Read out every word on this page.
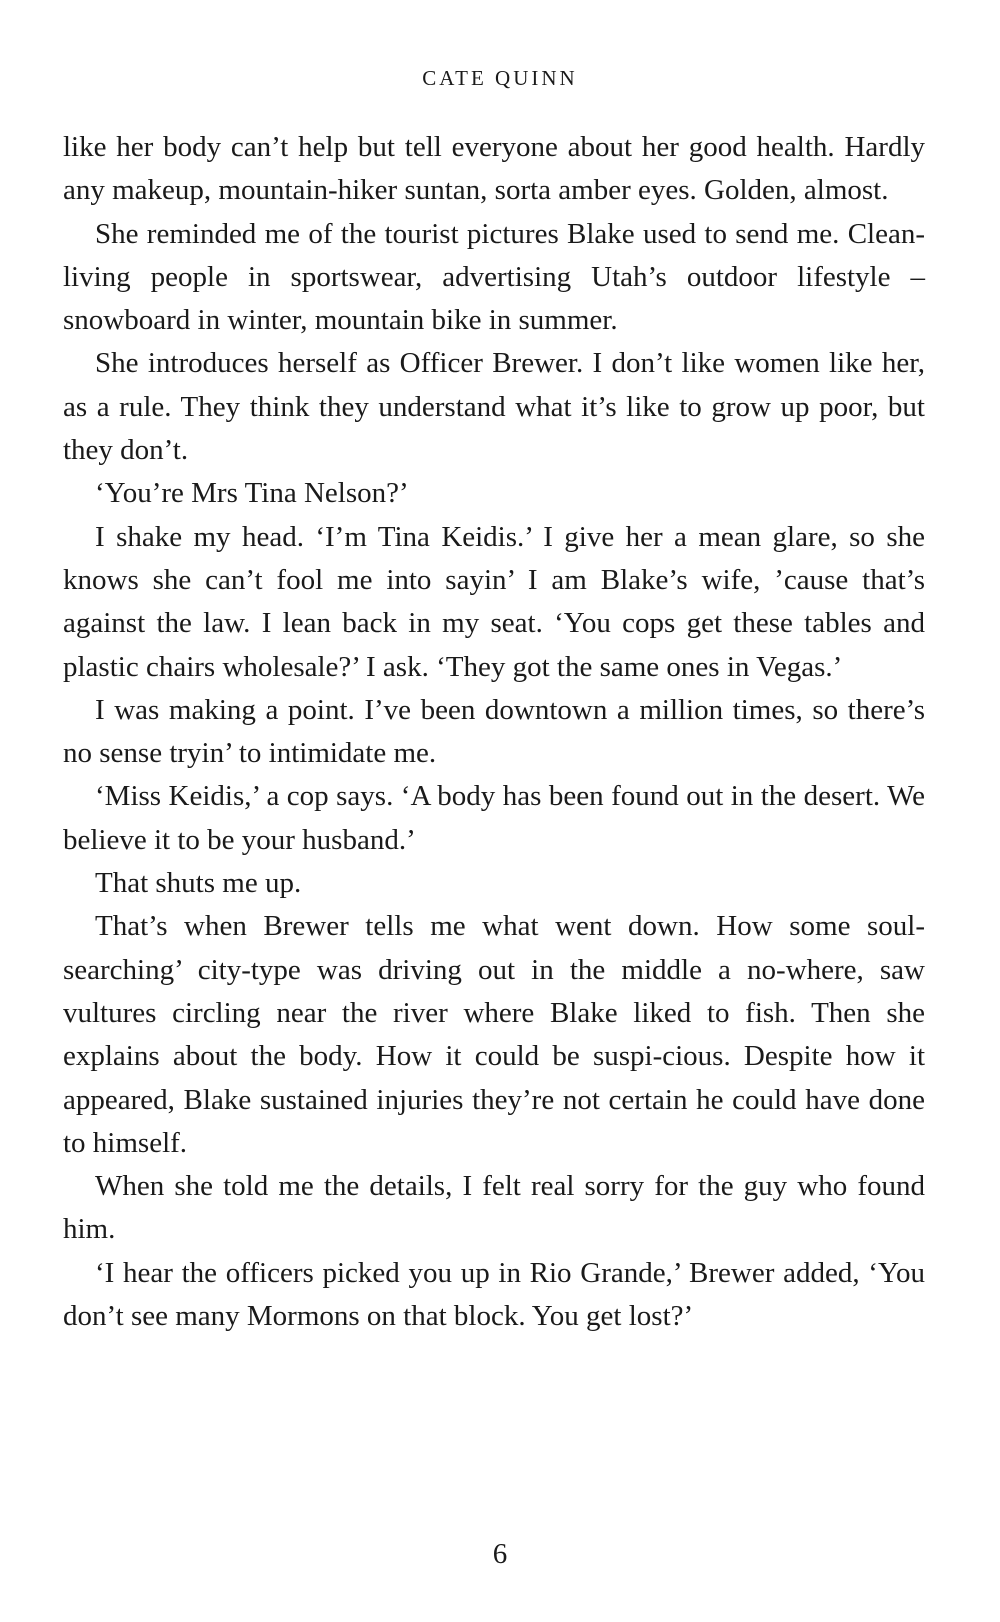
CATE QUINN

like her body can’t help but tell everyone about her good health. Hardly any makeup, mountain-hiker suntan, sorta amber eyes. Golden, almost.

She reminded me of the tourist pictures Blake used to send me. Clean-living people in sportswear, advertising Utah’s outdoor lifestyle – snowboard in winter, mountain bike in summer.

She introduces herself as Officer Brewer. I don’t like women like her, as a rule. They think they understand what it’s like to grow up poor, but they don’t.

‘You’re Mrs Tina Nelson?’

I shake my head. ‘I’m Tina Keidis.’ I give her a mean glare, so she knows she can’t fool me into sayin’ I am Blake’s wife, ’cause that’s against the law. I lean back in my seat. ‘You cops get these tables and plastic chairs wholesale?’ I ask. ‘They got the same ones in Vegas.’

I was making a point. I’ve been downtown a million times, so there’s no sense tryin’ to intimidate me.

‘Miss Keidis,’ a cop says. ‘A body has been found out in the desert. We believe it to be your husband.’

That shuts me up.

That’s when Brewer tells me what went down. How some soul-searching’ city-type was driving out in the middle a no-where, saw vultures circling near the river where Blake liked to fish. Then she explains about the body. How it could be suspi-cious. Despite how it appeared, Blake sustained injuries they’re not certain he could have done to himself.

When she told me the details, I felt real sorry for the guy who found him.

‘I hear the officers picked you up in Rio Grande,’ Brewer added, ‘You don’t see many Mormons on that block. You get lost?’

6
